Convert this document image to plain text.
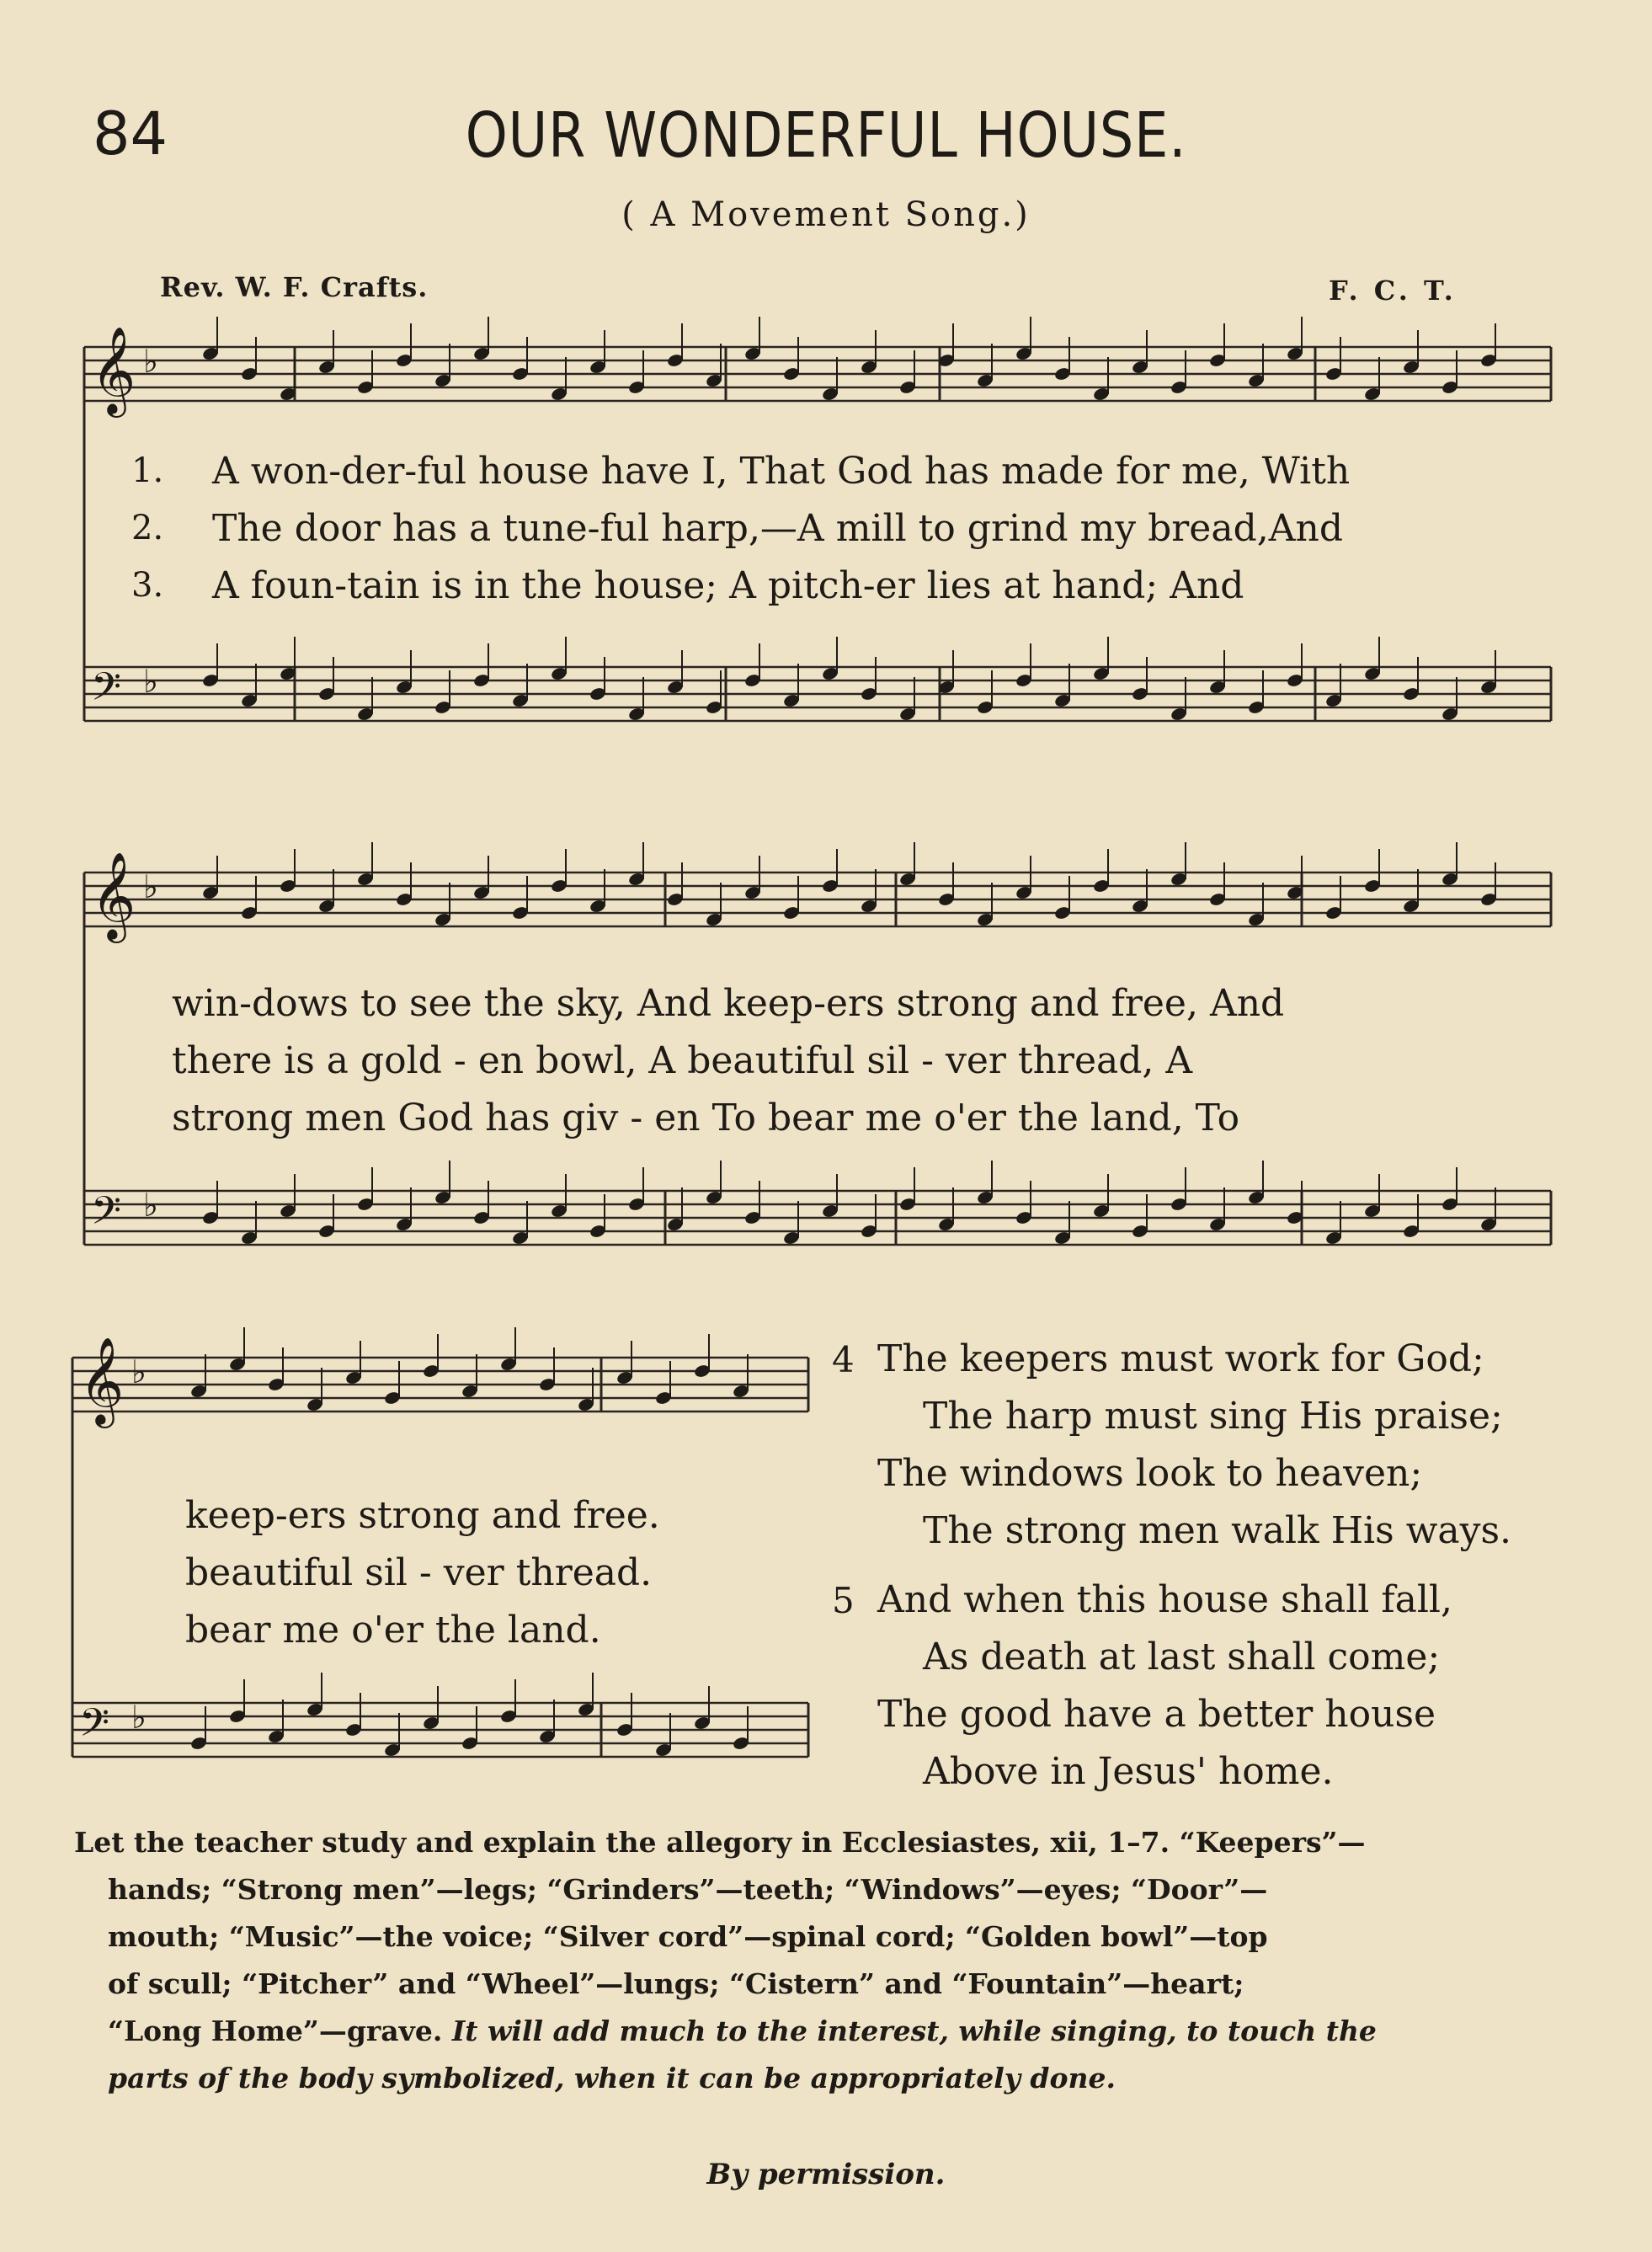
84	OUR WONDERFUL HOUSE.
( A Movement Song.)
Rev. W. F. Crafts.	F. C. T.
𝄞 ♭
𝄢 ♭
𝄞 ♭
𝄢 ♭
𝄞 ♭
𝄢 ♭
1.
2.
3.
A won-der-ful house have I, That God has made for me, With
The door has a tune-ful harp,—A mill to grind my bread,And
A foun-tain is in the house; A pitch-er lies at hand; And
win-dows to see the sky, And keep-ers strong and free, And
there is a gold - en bowl, A beautiful sil - ver thread, A
strong men God has giv - en To bear me o'er the land, To
keep-ers strong and free.
beautiful sil - ver thread.
bear me o'er the land.
4 The keepers must work for God;
The harp must sing His praise;
The windows look to heaven;
The strong men walk His ways.
5 And when this house shall fall,
As death at last shall come;
The good have a better house
Above in Jesus' home.
Let the teacher study and explain the allegory in Ecclesiastes, xii, 1–7. “Keepers”—
hands; “Strong men”—legs; “Grinders”—teeth; “Windows”—eyes; “Door”—
mouth; “Music”—the voice; “Silver cord”—spinal cord; “Golden bowl”—top
of scull; “Pitcher” and “Wheel”—lungs; “Cistern” and “Fountain”—heart;
“Long Home”—grave. It will add much to the interest, while singing, to touch the
parts of the body symbolized, when it can be appropriately done.
By permission.
